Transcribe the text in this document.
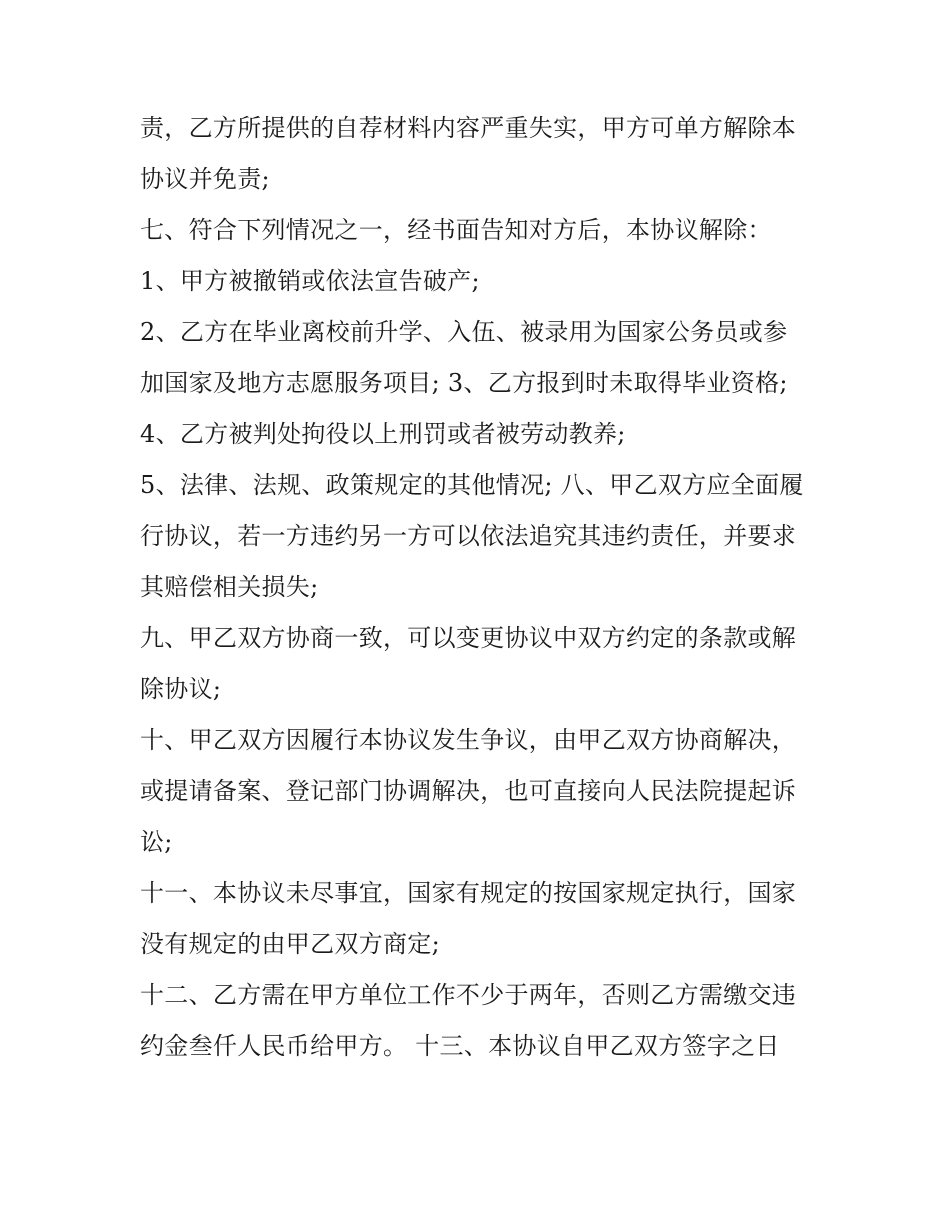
责，乙方所提供的自荐材料内容严重失实，甲方可单方解除本
协议并免责;
七、符合下列情况之一，经书面告知对方后，本协议解除：
1、甲方被撤销或依法宣告破产;
2、乙方在毕业离校前升学、入伍、被录用为国家公务员或参
加国家及地方志愿服务项目; 3、乙方报到时未取得毕业资格;
4、乙方被判处拘役以上刑罚或者被劳动教养;
5、法律、法规、政策规定的其他情况; 八、甲乙双方应全面履
行协议，若一方违约另一方可以依法追究其违约责任，并要求
其赔偿相关损失;
九、甲乙双方协商一致，可以变更协议中双方约定的条款或解
除协议;
十、甲乙双方因履行本协议发生争议，由甲乙双方协商解决，
或提请备案、登记部门协调解决，也可直接向人民法院提起诉
讼;
十一、本协议未尽事宜，国家有规定的按国家规定执行，国家
没有规定的由甲乙双方商定;
十二、乙方需在甲方单位工作不少于两年，否则乙方需缴交违
约金叁仟人民币给甲方。 十三、本协议自甲乙双方签字之日
